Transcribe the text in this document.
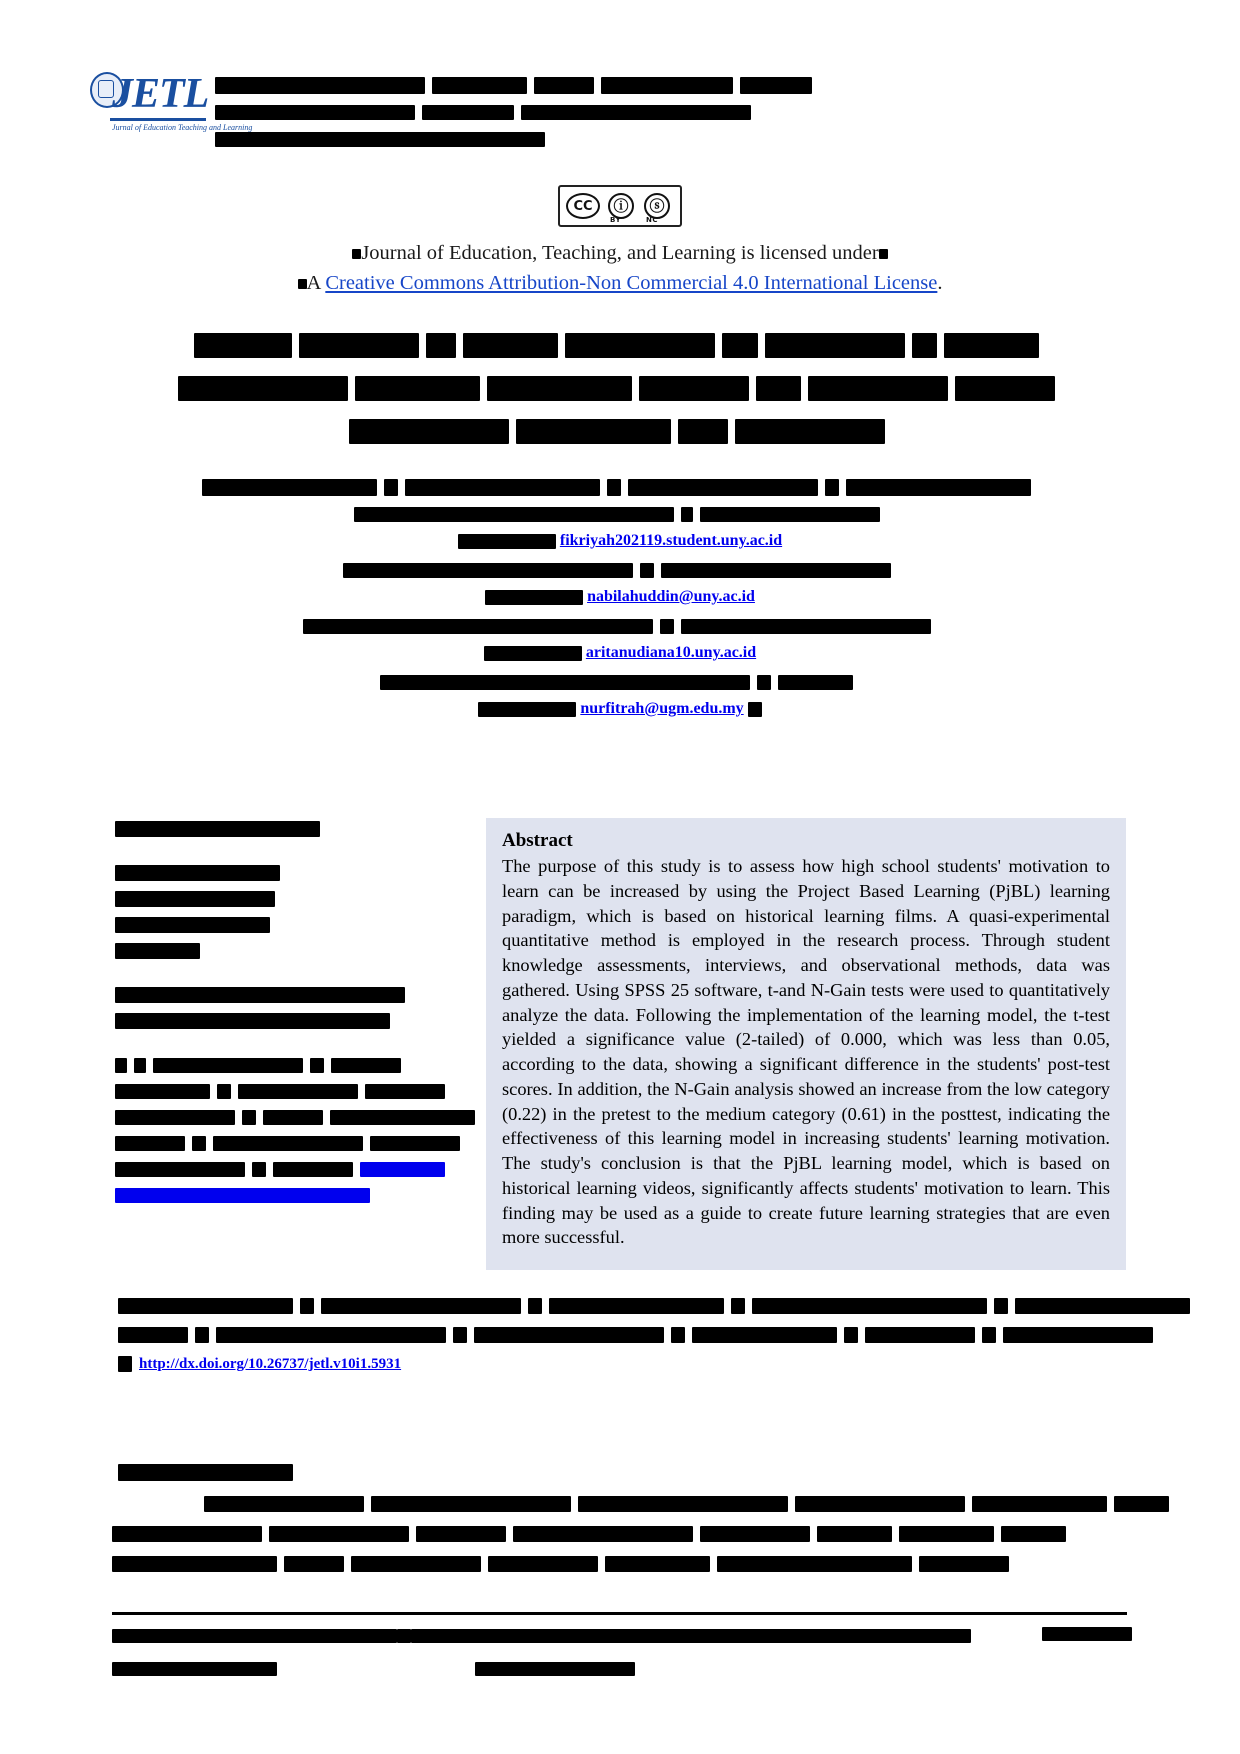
JETL
Jurnal of Education Teaching and Learning
CC	ⓘ	ⓢ
BY	NC
Journal of Education, Teaching, and Learning is licensed under
A Creative Commons Attribution-Non Commercial 4.0 International License.
fikriyah202119.student.uny.ac.id
nabilahuddin@uny.ac.id
aritanudiana10.uny.ac.id
nurfitrah@ugm.edu.my

Abstract

The purpose of this study is to assess how high school students' motivation to learn can be increased by using the Project Based Learning (PjBL) learning paradigm, which is based on historical learning films. A quasi-experimental quantitative method is employed in the research process. Through student knowledge assessments, interviews, and observational methods, data was gathered. Using SPSS 25 software, t-and N-Gain tests were used to quantitatively analyze the data. Following the implementation of the learning model, the t-test yielded a significance value (2-tailed) of 0.000, which was less than 0.05, according to the data, showing a significant difference in the students' post-test scores. In addition, the N-Gain analysis showed an increase from the low category (0.22) in the pretest to the medium category (0.61) in the posttest, indicating the effectiveness of this learning model in increasing students' learning motivation. The study's conclusion is that the PjBL learning model, which is based on historical learning videos, significantly affects students' motivation to learn. This finding may be used as a guide to create future learning strategies that are even more successful.

http://dx.doi.org/10.26737/jetl.v10i1.5931
